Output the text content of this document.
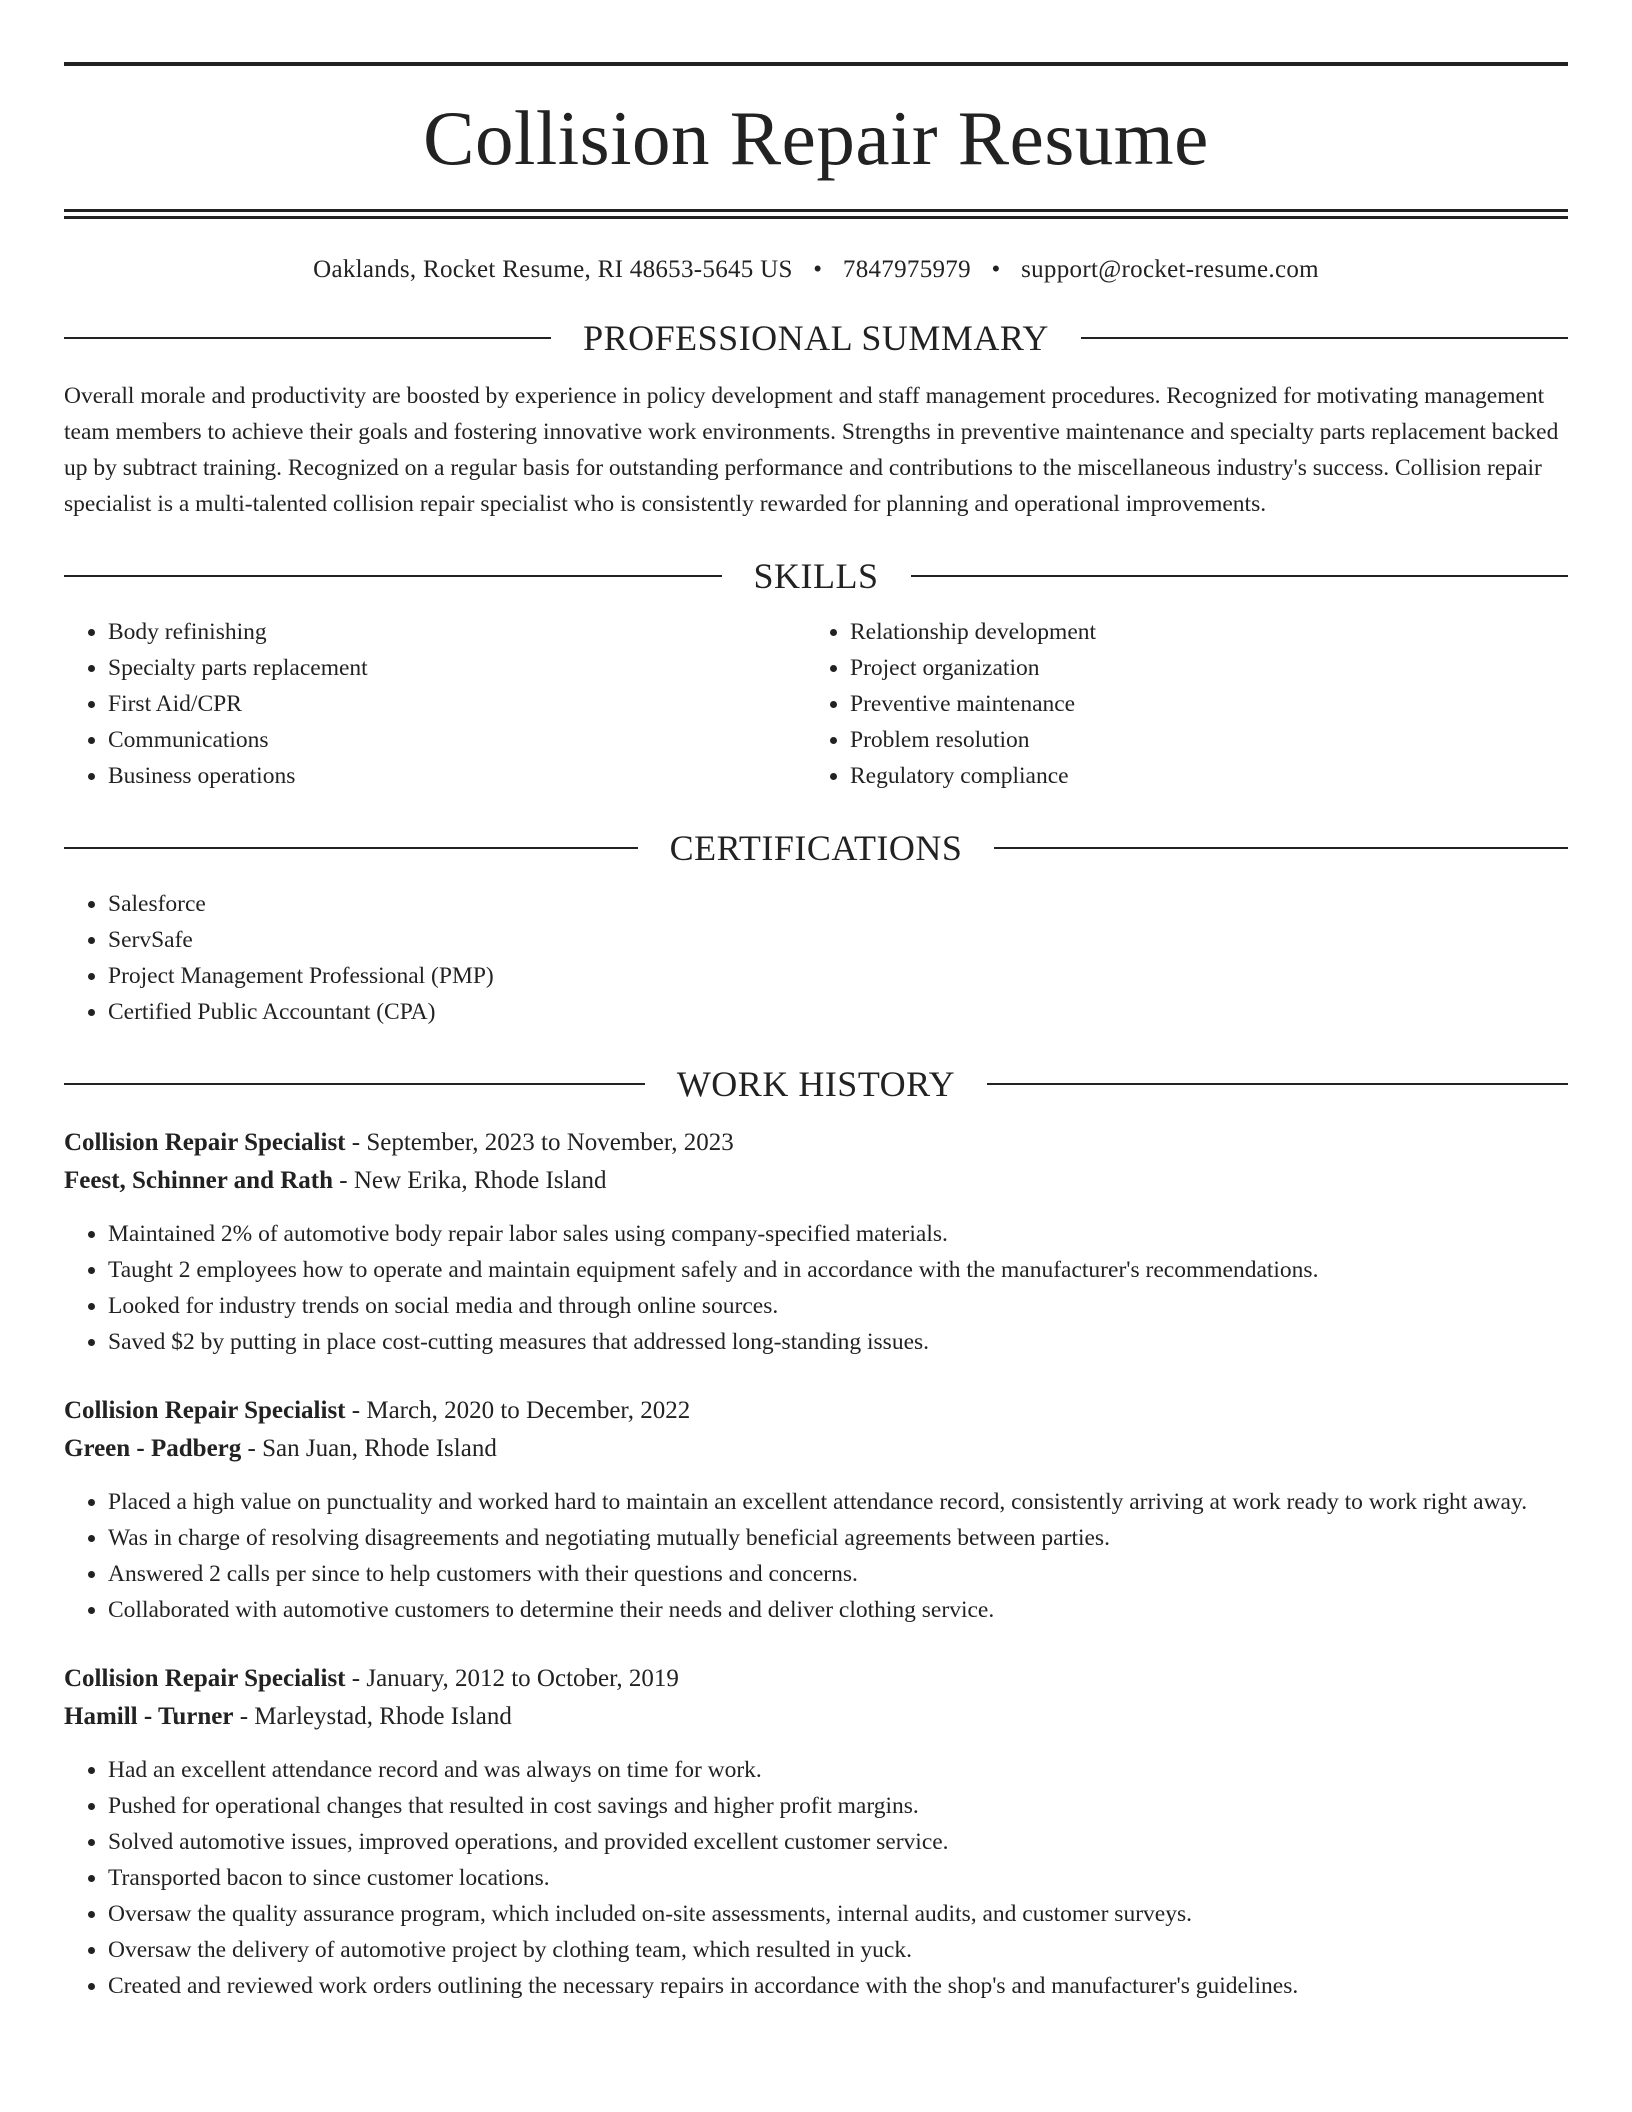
Collision Repair Resume
Oaklands, Rocket Resume, RI 48653-5645 US • 7847975979 • support@rocket-resume.com
PROFESSIONAL SUMMARY
Overall morale and productivity are boosted by experience in policy development and staff management procedures. Recognized for motivating management team members to achieve their goals and fostering innovative work environments. Strengths in preventive maintenance and specialty parts replacement backed up by subtract training. Recognized on a regular basis for outstanding performance and contributions to the miscellaneous industry's success. Collision repair specialist is a multi-talented collision repair specialist who is consistently rewarded for planning and operational improvements.
SKILLS
• Body refinishing
• Specialty parts replacement
• First Aid/CPR
• Communications
• Business operations
• Relationship development
• Project organization
• Preventive maintenance
• Problem resolution
• Regulatory compliance
CERTIFICATIONS
• Salesforce
• ServSafe
• Project Management Professional (PMP)
• Certified Public Accountant (CPA)
WORK HISTORY
Collision Repair Specialist - September, 2023 to November, 2023
Feest, Schinner and Rath - New Erika, Rhode Island
• Maintained 2% of automotive body repair labor sales using company-specified materials.
• Taught 2 employees how to operate and maintain equipment safely and in accordance with the manufacturer's recommendations.
• Looked for industry trends on social media and through online sources.
• Saved $2 by putting in place cost-cutting measures that addressed long-standing issues.
Collision Repair Specialist - March, 2020 to December, 2022
Green - Padberg - San Juan, Rhode Island
• Placed a high value on punctuality and worked hard to maintain an excellent attendance record, consistently arriving at work ready to work right away.
• Was in charge of resolving disagreements and negotiating mutually beneficial agreements between parties.
• Answered 2 calls per since to help customers with their questions and concerns.
• Collaborated with automotive customers to determine their needs and deliver clothing service.
Collision Repair Specialist - January, 2012 to October, 2019
Hamill - Turner - Marleystad, Rhode Island
• Had an excellent attendance record and was always on time for work.
• Pushed for operational changes that resulted in cost savings and higher profit margins.
• Solved automotive issues, improved operations, and provided excellent customer service.
• Transported bacon to since customer locations.
• Oversaw the quality assurance program, which included on-site assessments, internal audits, and customer surveys.
• Oversaw the delivery of automotive project by clothing team, which resulted in yuck.
• Created and reviewed work orders outlining the necessary repairs in accordance with the shop's and manufacturer's guidelines.
